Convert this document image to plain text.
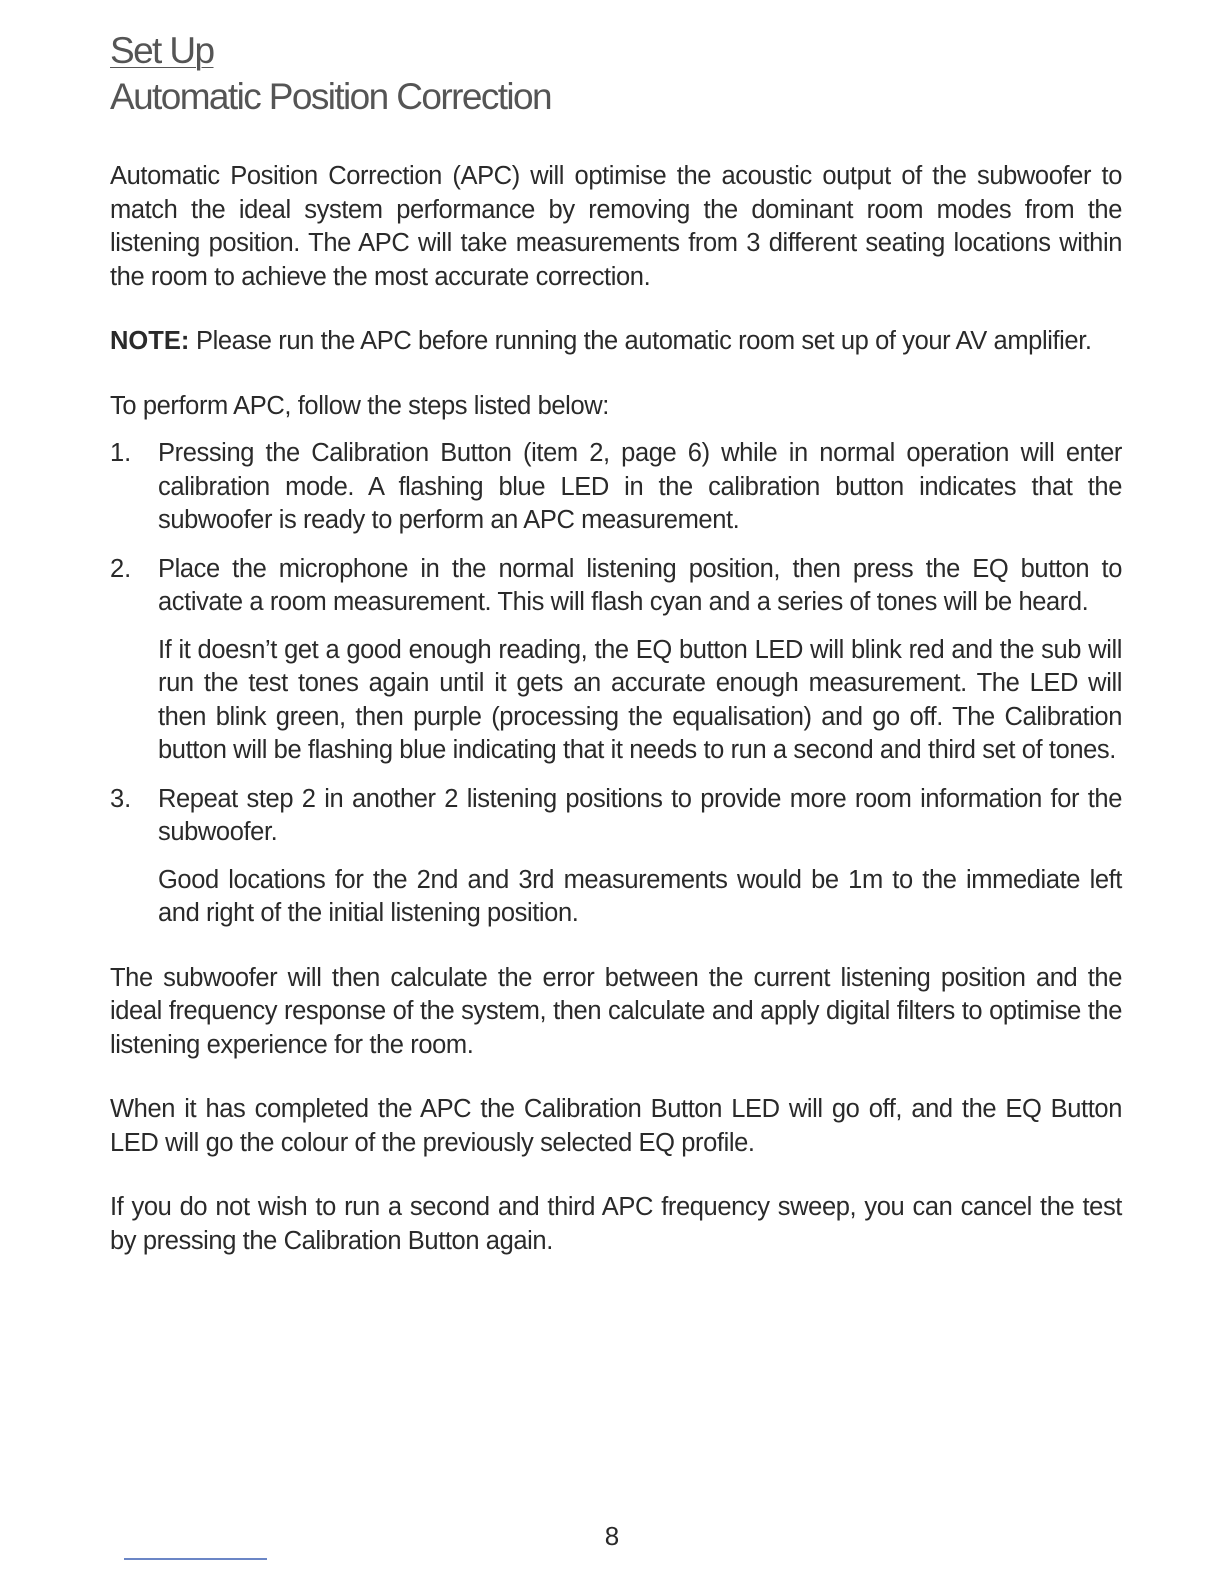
Set Up
Automatic Position Correction

Automatic Position Correction (APC) will optimise the acoustic output of the subwoofer to match the ideal system performance by removing the dominant room modes from the listening position. The APC will take measurements from 3 different seating locations within the room to achieve the most accurate correction.

NOTE: Please run the APC before running the automatic room set up of your AV amplifier.

To perform APC, follow the steps listed below:

1. Pressing the Calibration Button (item 2, page 6) while in normal operation will enter calibration mode. A flashing blue LED in the calibration button indicates that the subwoofer is ready to perform an APC measurement.

2. Place the microphone in the normal listening position, then press the EQ button to activate a room measurement. This will flash cyan and a series of tones will be heard.

If it doesn’t get a good enough reading, the EQ button LED will blink red and the sub will run the test tones again until it gets an accurate enough measurement. The LED will then blink green, then purple (processing the equalisation) and go off. The Calibration button will be flashing blue indicating that it needs to run a second and third set of tones.

3. Repeat step 2 in another 2 listening positions to provide more room information for the subwoofer.

Good locations for the 2nd and 3rd measurements would be 1m to the immediate left and right of the initial listening position.

The subwoofer will then calculate the error between the current listening position and the ideal frequency response of the system, then calculate and apply digital filters to optimise the listening experience for the room.

When it has completed the APC the Calibration Button LED will go off, and the EQ Button LED will go the colour of the previously selected EQ profile.

If you do not wish to run a second and third APC frequency sweep, you can cancel the test by pressing the Calibration Button again.

8
